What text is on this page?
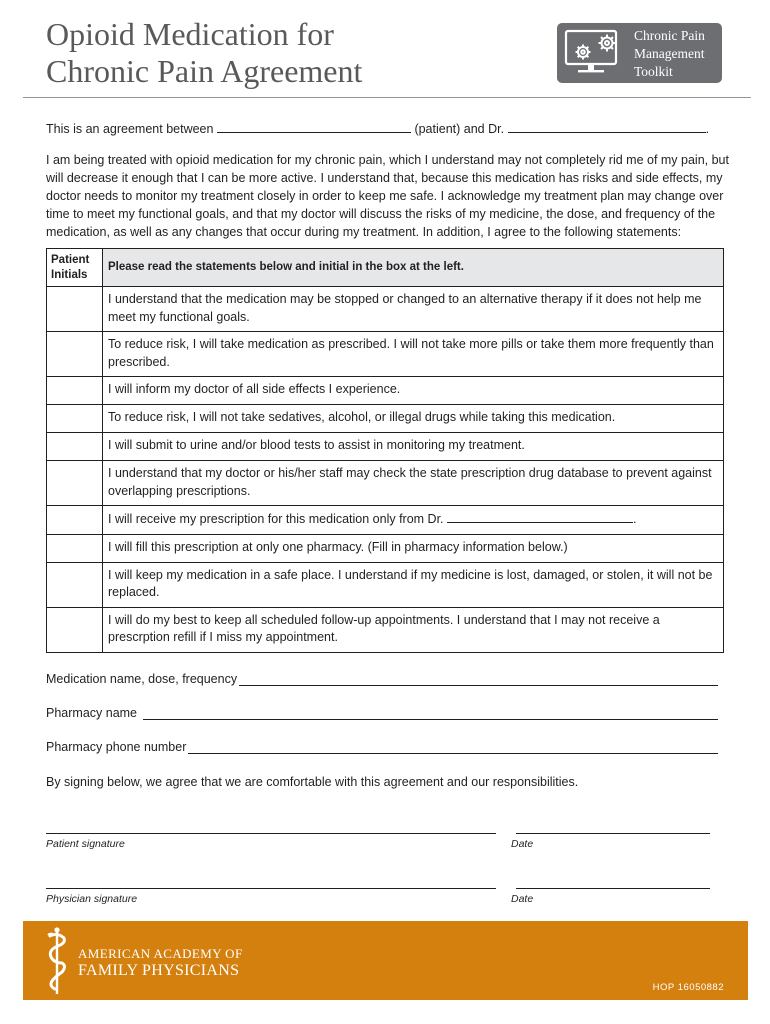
Opioid Medication for
Chronic Pain Agreement
Chronic Pain
Management
Toolkit
This is an agreement between	(patient) and Dr.	.

I am being treated with opioid medication for my chronic pain, which I understand may not completely rid me of my pain, but will decrease it enough that I can be more active. I understand that, because this medication has risks and side effects, my doctor needs to monitor my treatment closely in order to keep me safe. I acknowledge my treatment plan may change over time to meet my functional goals, and that my doctor will discuss the risks of my medicine, the dose, and frequency of the medication, as well as any changes that occur during my treatment. In addition, I agree to the following statements:

Patient
Initials	Please read the statements below and initial in the box at the left.
	I understand that the medication may be stopped or changed to an alternative therapy if it does not help me meet my functional goals.
	To reduce risk, I will take medication as prescribed. I will not take more pills or take them more frequently than prescribed.
	I will inform my doctor of all side effects I experience.
	To reduce risk, I will not take sedatives, alcohol, or illegal drugs while taking this medication.
	I will submit to urine and/or blood tests to assist in monitoring my treatment.
	I understand that my doctor or his/her staff may check the state prescription drug database to prevent against overlapping prescriptions.
	I will receive my prescription for this medication only from Dr. .
	I will fill this prescription at only one pharmacy. (Fill in pharmacy information below.)
	I will keep my medication in a safe place. I understand if my medicine is lost, damaged, or stolen, it will not be replaced.
	I will do my best to keep all scheduled follow-up appointments. I understand that I may not receive a prescrption refill if I miss my appointment.
Medication name, dose, frequency
Pharmacy name
Pharmacy phone number

By signing below, we agree that we are comfortable with this agreement and our responsibilities.

Patient signature	Date
Physician signature	Date
AMERICAN ACADEMY OF
FAMILY PHYSICIANS
HOP 16050882
